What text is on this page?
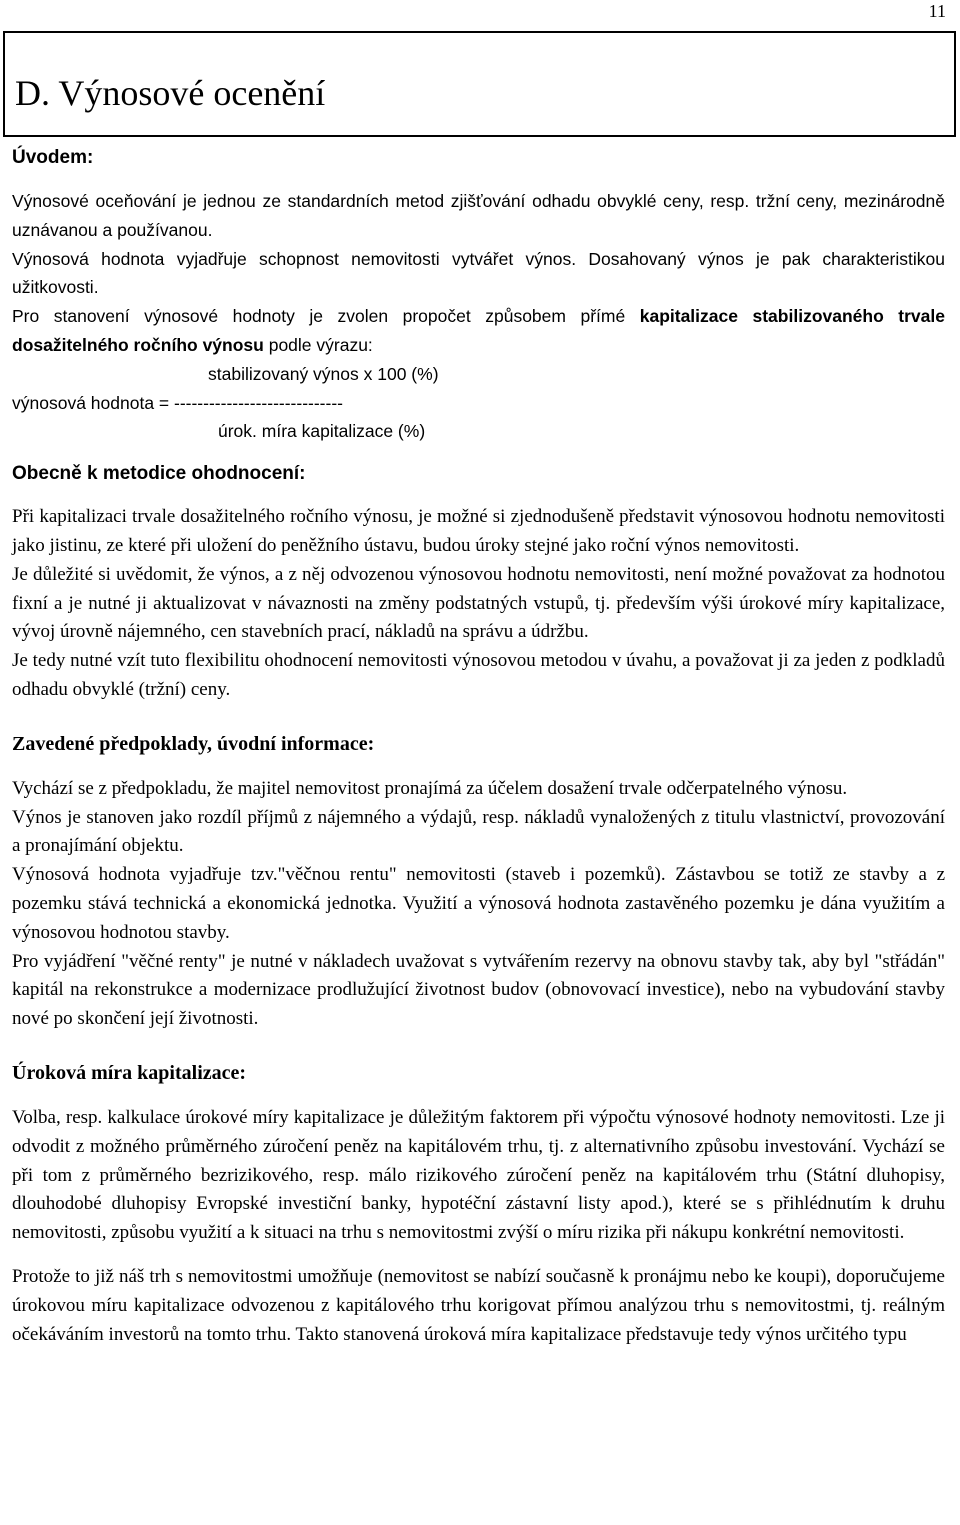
11
D. Výnosové ocenění
Úvodem:

Výnosové oceňování je jednou ze standardních metod zjišťování odhadu obvyklé ceny, resp. tržní ceny, mezinárodně uznávanou a používanou.

Výnosová hodnota vyjadřuje schopnost nemovitosti vytvářet výnos. Dosahovaný výnos je pak charakteristikou užitkovosti.

Pro stanovení výnosové hodnoty je zvolen propočet způsobem přímé kapitalizace stabilizovaného trvale dosažitelného ročního výnosu podle výrazu:

stabilizovaný výnos x 100 (%)
výnosová hodnota = -----------------------------
úrok. míra kapitalizace (%)
Obecně k metodice ohodnocení:

Při kapitalizaci trvale dosažitelného ročního výnosu, je možné si zjednodušeně představit výnosovou hodnotu nemovitosti jako jistinu, ze které při uložení do peněžního ústavu, budou úroky stejné jako roční výnos nemovitosti.

Je důležité si uvědomit, že výnos, a z něj odvozenou výnosovou hodnotu nemovitosti, není možné považovat za hodnotou fixní a je nutné ji aktualizovat v návaznosti na změny podstatných vstupů, tj. především výši úrokové míry kapitalizace, vývoj úrovně nájemného, cen stavebních prací, nákladů na správu a údržbu.

Je tedy nutné vzít tuto flexibilitu ohodnocení nemovitosti výnosovou metodou v úvahu, a považovat ji za jeden z podkladů odhadu obvyklé (tržní) ceny.

Zavedené předpoklady, úvodní informace:

Vychází se z předpokladu, že majitel nemovitost pronajímá za účelem dosažení trvale odčerpatelného výnosu.

Výnos je stanoven jako rozdíl příjmů z nájemného a výdajů, resp. nákladů vynaložených z titulu vlastnictví, provozování a pronajímání objektu.

Výnosová hodnota vyjadřuje tzv."věčnou rentu" nemovitosti (staveb i pozemků). Zástavbou se totiž ze stavby a z pozemku stává technická a ekonomická jednotka. Využití a výnosová hodnota zastavěného pozemku je dána využitím a výnosovou hodnotou stavby.

Pro vyjádření "věčné renty" je nutné v nákladech uvažovat s vytvářením rezervy na obnovu stavby tak, aby byl "střádán" kapitál na rekonstrukce a modernizace prodlužující životnost budov (obnovovací investice), nebo na vybudování stavby nové po skončení její životnosti.

Úroková míra kapitalizace:

Volba, resp. kalkulace úrokové míry kapitalizace je důležitým faktorem při výpočtu výnosové hodnoty nemovitosti. Lze ji odvodit z možného průměrného zúročení peněz na kapitálovém trhu, tj. z alternativního způsobu investování. Vychází se při tom z průměrného bezrizikového, resp. málo rizikového zúročení peněz na kapitálovém trhu (Státní dluhopisy, dlouhodobé dluhopisy Evropské investiční banky, hypotéční zástavní listy apod.), které se s přihlédnutím k druhu nemovitosti, způsobu využití a k situaci na trhu s nemovitostmi zvýší o míru rizika při nákupu konkrétní nemovitosti.

Protože to již náš trh s nemovitostmi umožňuje (nemovitost se nabízí současně k pronájmu nebo ke koupi), doporučujeme úrokovou míru kapitalizace odvozenou z kapitálového trhu korigovat přímou analýzou trhu s nemovitostmi, tj. reálným očekáváním investorů na tomto trhu. Takto stanovená úroková míra kapitalizace představuje tedy výnos určitého typu
